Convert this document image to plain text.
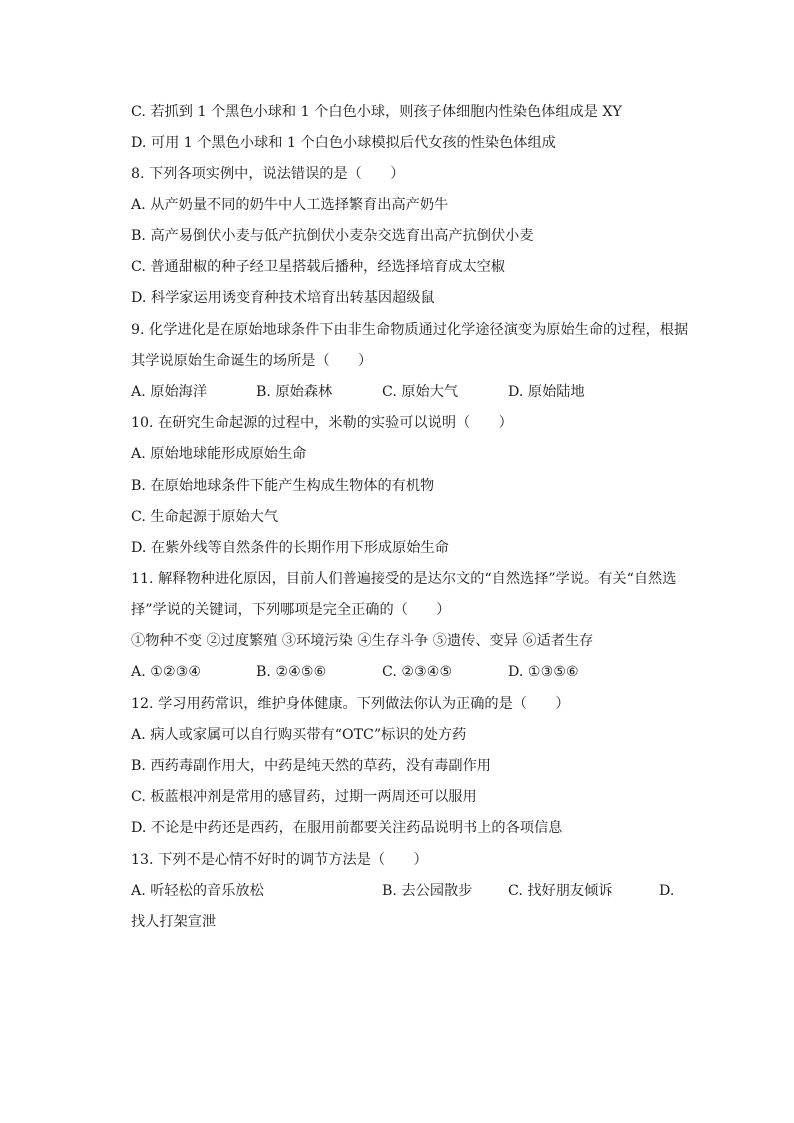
C. 若抓到 1 个黑色小球和 1 个白色小球，则孩子体细胞内性染色体组成是 XY
D. 可用 1 个黑色小球和 1 个白色小球模拟后代女孩的性染色体组成
8. 下列各项实例中，说法错误的是（　　）
A. 从产奶量不同的奶牛中人工选择繁育出高产奶牛
B. 高产易倒伏小麦与低产抗倒伏小麦杂交选育出高产抗倒伏小麦
C. 普通甜椒的种子经卫星搭载后播种，经选择培育成太空椒
D. 科学家运用诱变育种技术培育出转基因超级鼠
9. 化学进化是在原始地球条件下由非生命物质通过化学途径演变为原始生命的过程，根据
其学说原始生命诞生的场所是（　　）
A. 原始海洋	B. 原始森林	C. 原始大气	D. 原始陆地
10. 在研究生命起源的过程中，米勒的实验可以说明（　　）
A. 原始地球能形成原始生命
B. 在原始地球条件下能产生构成生物体的有机物
C. 生命起源于原始大气
D. 在紫外线等自然条件的长期作用下形成原始生命
11. 解释物种进化原因，目前人们普遍接受的是达尔文的“自然选择”学说。有关“自然选
择”学说的关键词，下列哪项是完全正确的（　　）
①物种不变 ②过度繁殖 ③环境污染 ④生存斗争 ⑤遗传、变异 ⑥适者生存
A. ①②③④	B. ②④⑤⑥	C. ②③④⑤	D. ①③⑤⑥
12. 学习用药常识，维护身体健康。下列做法你认为正确的是（　　）
A. 病人或家属可以自行购买带有“OTC”标识的处方药
B. 西药毒副作用大，中药是纯天然的草药，没有毒副作用
C. 板蓝根冲剂是常用的感冒药，过期一两周还可以服用
D. 不论是中药还是西药，在服用前都要关注药品说明书上的各项信息
13. 下列不是心情不好时的调节方法是（　　）
A. 听轻松的音乐放松	B. 去公园散步	C. 找好朋友倾诉	D.
找人打架宣泄
